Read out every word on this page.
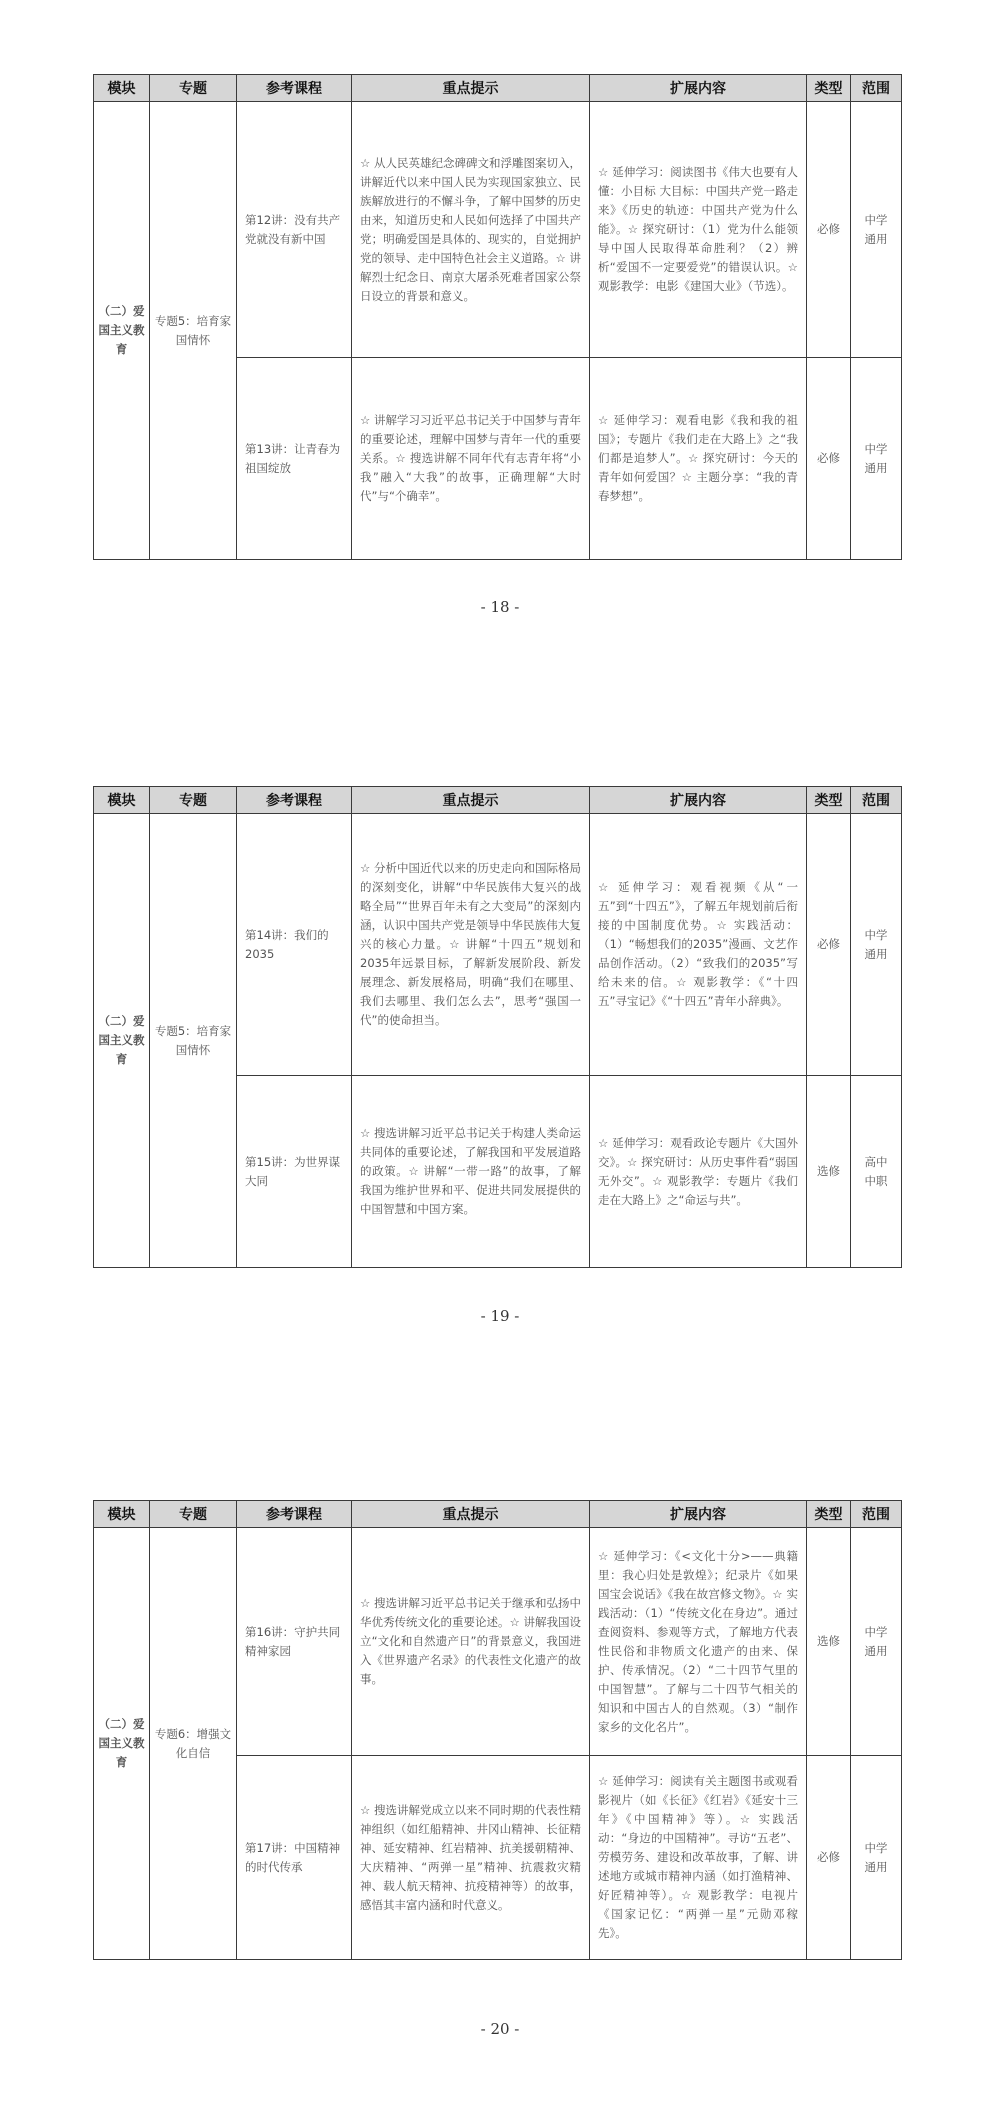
模块	专题	参考课程	重点提示	扩展内容	类型	范围
（二）爱国主义教育	专题5：培育家国情怀	第12讲：没有共产党就没有新中国	☆ 从人民英雄纪念碑碑文和浮雕图案切入，讲解近代以来中国人民为实现国家独立、民族解放进行的不懈斗争，了解中国梦的历史由来，知道历史和人民如何选择了中国共产党；明确爱国是具体的、现实的，自觉拥护党的领导、走中国特色社会主义道路。☆ 讲解烈士纪念日、南京大屠杀死难者国家公祭日设立的背景和意义。	☆ 延伸学习：阅读图书《伟大也要有人懂：小目标 大目标：中国共产党一路走来》《历史的轨迹：中国共产党为什么能》。☆ 探究研讨：（1）党为什么能领导中国人民取得革命胜利？（2）辨析“爱国不一定要爱党”的错误认识。☆ 观影教学：电影《建国大业》（节选）。	必修	中学通用
		第13讲：让青春为祖国绽放	☆ 讲解学习习近平总书记关于中国梦与青年的重要论述，理解中国梦与青年一代的重要关系。☆ 搜选讲解不同年代有志青年将“小我”融入“大我”的故事，正确理解“大时代”与“个确幸”。	☆ 延伸学习：观看电影《我和我的祖国》；专题片《我们走在大路上》之“我们都是追梦人”。☆ 探究研讨：今天的青年如何爱国？☆ 主题分享：“我的青春梦想”。	必修	中学通用
- 18 -
模块	专题	参考课程	重点提示	扩展内容	类型	范围
（二）爱国主义教育	专题5：培育家国情怀	第14讲：我们的2035	☆ 分析中国近代以来的历史走向和国际格局的深刻变化，讲解“中华民族伟大复兴的战略全局”“世界百年未有之大变局”的深刻内涵，认识中国共产党是领导中华民族伟大复兴的核心力量。☆ 讲解“十四五”规划和2035年远景目标，了解新发展阶段、新发展理念、新发展格局，明确“我们在哪里、我们去哪里、我们怎么去”，思考“强国一代”的使命担当。	☆ 延伸学习：观看视频《从“一五”到“十四五”》，了解五年规划前后衔接的中国制度优势。☆ 实践活动：（1）“畅想我们的2035”漫画、文艺作品创作活动。（2）“致我们的2035”写给未来的信。☆ 观影教学：《“十四五”寻宝记》《“十四五”青年小辞典》。	必修	中学通用
		第15讲：为世界谋大同	☆ 搜选讲解习近平总书记关于构建人类命运共同体的重要论述，了解我国和平发展道路的政策。☆ 讲解“一带一路”的故事，了解我国为维护世界和平、促进共同发展提供的中国智慧和中国方案。	☆ 延伸学习：观看政论专题片《大国外交》。☆ 探究研讨：从历史事件看“弱国无外交”。☆ 观影教学：专题片《我们走在大路上》之“命运与共”。	选修	高中中职
- 19 -
模块	专题	参考课程	重点提示	扩展内容	类型	范围
（二）爱国主义教育	专题6：增强文化自信	第16讲：守护共同精神家园	☆ 搜选讲解习近平总书记关于继承和弘扬中华优秀传统文化的重要论述。☆ 讲解我国设立“文化和自然遗产日”的背景意义，我国进入《世界遗产名录》的代表性文化遗产的故事。	☆ 延伸学习：《<文化十分>——典籍里：我心归处是敦煌》；纪录片《如果国宝会说话》《我在故宫修文物》。☆ 实践活动：（1）“传统文化在身边”。通过查阅资料、参观等方式，了解地方代表性民俗和非物质文化遗产的由来、保护、传承情况。（2）“二十四节气里的中国智慧”。了解与二十四节气相关的知识和中国古人的自然观。（3）“制作家乡的文化名片”。	选修	中学通用
		第17讲：中国精神的时代传承	☆ 搜选讲解党成立以来不同时期的代表性精神组织（如红船精神、井冈山精神、长征精神、延安精神、红岩精神、抗美援朝精神、大庆精神、“两弹一星”精神、抗震救灾精神、载人航天精神、抗疫精神等）的故事，感悟其丰富内涵和时代意义。	☆ 延伸学习：阅读有关主题图书或观看影视片（如《长征》《红岩》《延安十三年》《中国精神》等）。☆ 实践活动：“身边的中国精神”。寻访“五老”、劳模劳务、建设和改革故事，了解、讲述地方或城市精神内涵（如打渔精神、好匠精神等）。☆ 观影教学：电视片《国家记忆：“两弹一星”元勋邓稼先》。	必修	中学通用
- 20 -
